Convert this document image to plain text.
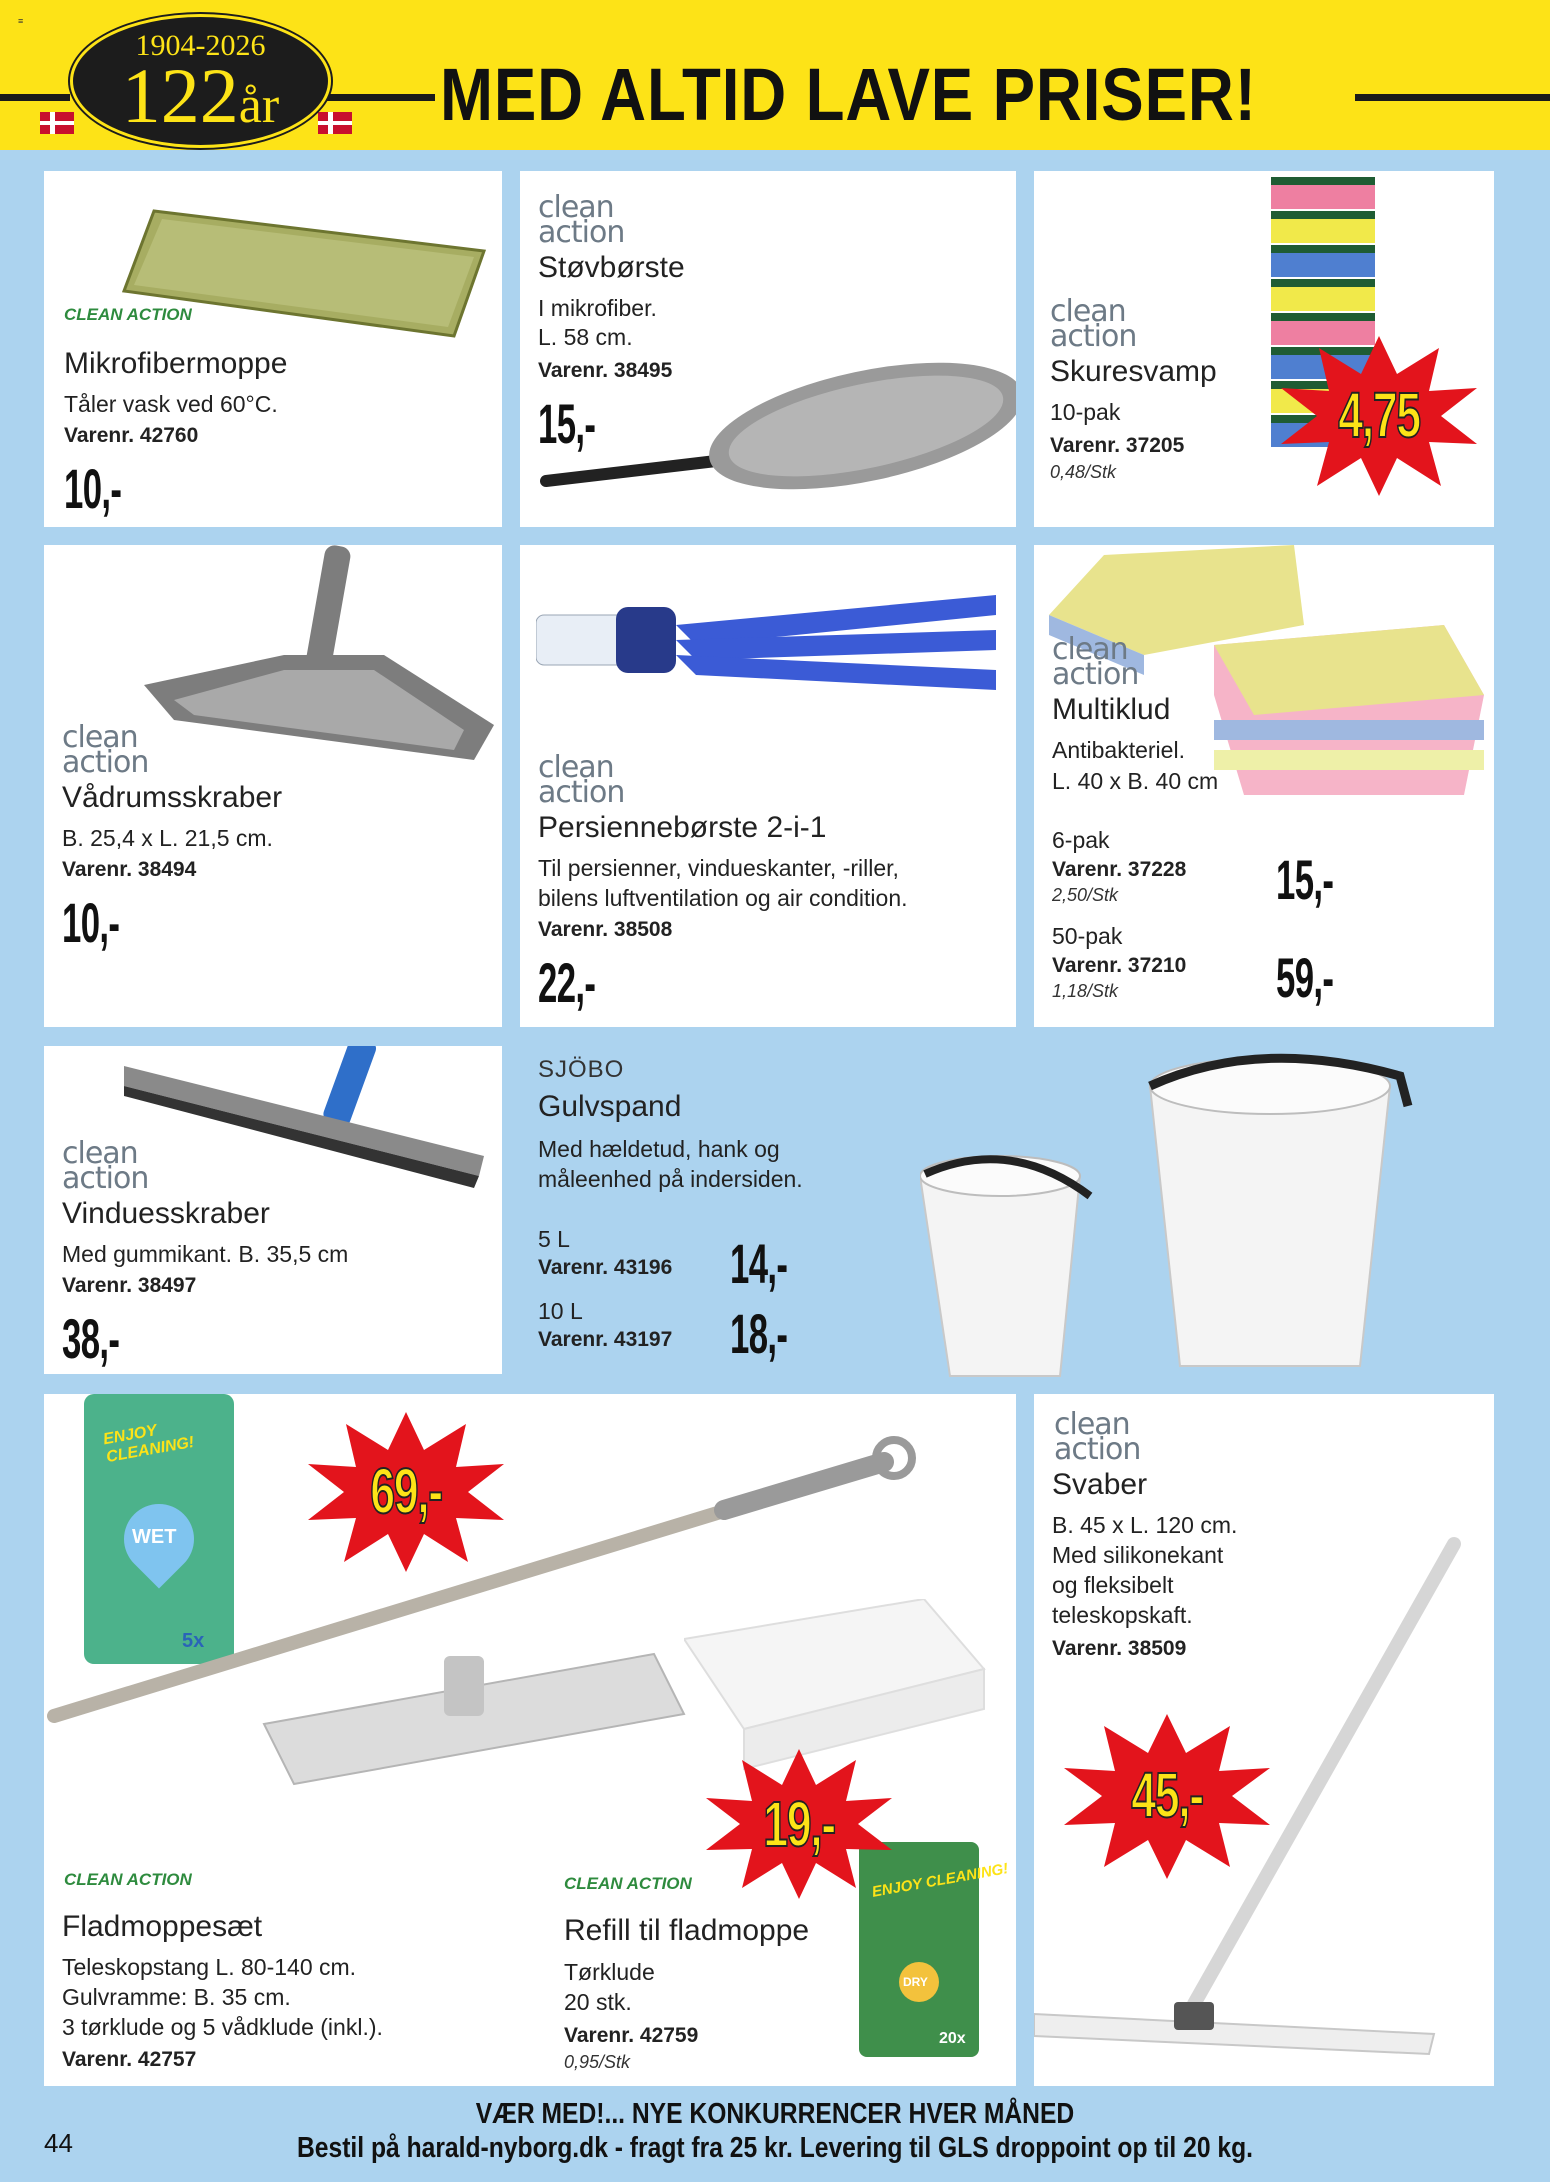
≡
1904-2026
122år	MED ALTID LAVE PRISER!
CLEAN ACTION
Mikrofibermoppe
Tåler vask ved 60°C.
Varenr. 42760
10,-
clean action
Støvbørste
I mikrofiber.
L. 58 cm.
Varenr. 38495
15,-
clean action
Skuresvamp
10-pak
Varenr. 37205
0,48/Stk
4,75
clean action
Vådrumsskraber
B. 25,4 x L. 21,5 cm.
Varenr. 38494
10,-
clean action
Persiennebørste 2-i-1
Til persienner, vindueskanter, -riller,
bilens luftventilation og air condition.
Varenr. 38508
22,-
clean action
Multiklud
Antibakteriel.
L. 40 x B. 40 cm
6-pak
Varenr. 37228
2,50/Stk	15,-
50-pak
Varenr. 37210
1,18/Stk	59,-
clean action
Vinduesskraber
Med gummikant. B. 35,5 cm
Varenr. 38497
38,-
SJÖBO
Gulvspand
Med hældetud, hank og
måleenhed på indersiden.
5 L
Varenr. 43196 14,-
10 L
Varenr. 43197 18,-
ENJOY CLEANING!
WET
5x
ENJOY CLEANING!
DRY
20x
69,-
19,-
CLEAN ACTION
Fladmoppesæt
Teleskopstang L. 80-140 cm.
Gulvramme: B. 35 cm.
3 tørklude og 5 vådklude (inkl.).
Varenr. 42757
CLEAN ACTION
Refill til fladmoppe
Tørklude
20 stk.
Varenr. 42759
0,95/Stk
clean action
Svaber
B. 45 x L. 120 cm.
Med silikonekant
og fleksibelt
teleskopskaft.
Varenr. 38509
45,-
44
VÆR MED!... NYE KONKURRENCER HVER MÅNED
Bestil på harald-nyborg.dk - fragt fra 25 kr. Levering til GLS droppoint op til 20 kg.
